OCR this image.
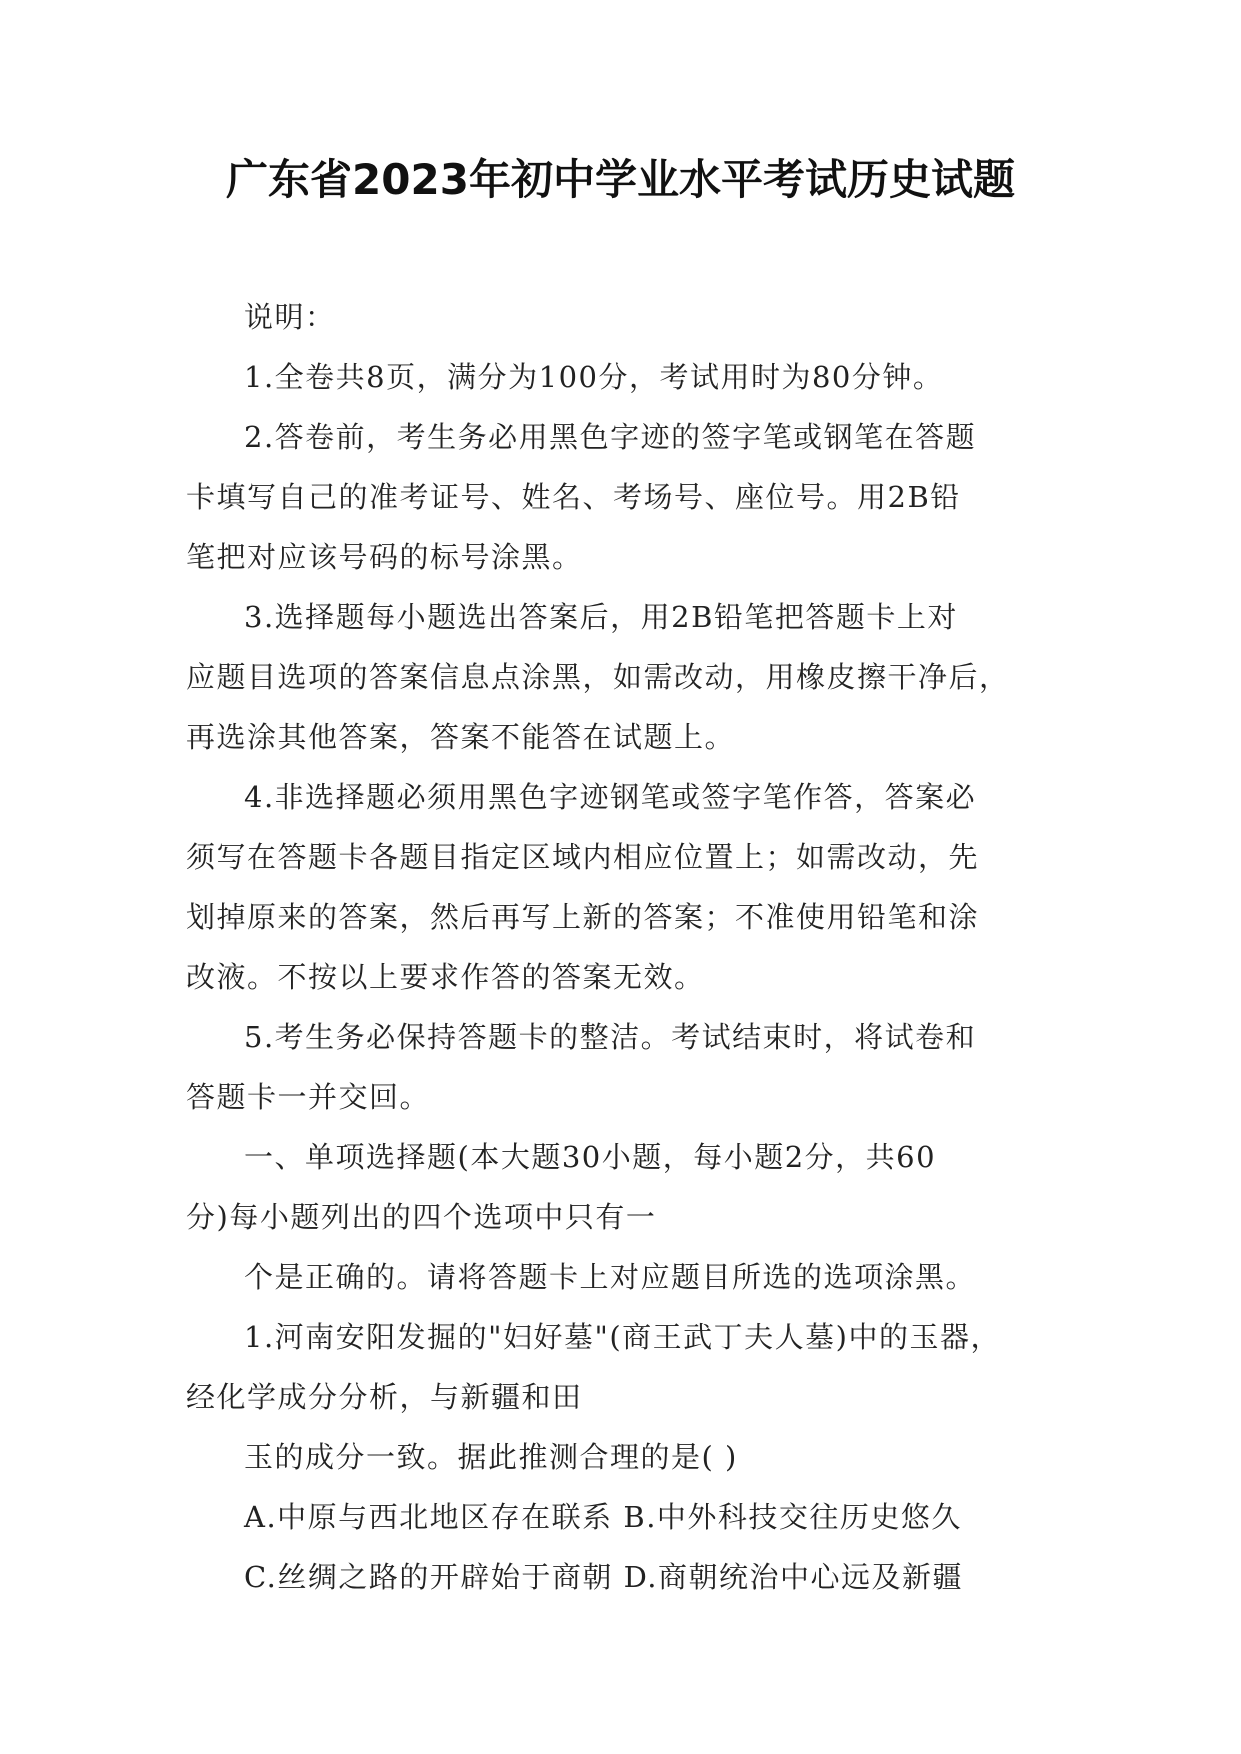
广东省2023年初中学业水平考试历史试题
说明：
1.全卷共8页，满分为100分，考试用时为80分钟。
2.答卷前，考生务必用黑色字迹的签字笔或钢笔在答题
卡填写自己的准考证号、姓名、考场号、座位号。用2B铅
笔把对应该号码的标号涂黑。
3.选择题每小题选出答案后，用2B铅笔把答题卡上对
应题目选项的答案信息点涂黑，如需改动，用橡皮擦干净后，
再选涂其他答案，答案不能答在试题上。
4.非选择题必须用黑色字迹钢笔或签字笔作答，答案必
须写在答题卡各题目指定区域内相应位置上；如需改动，先
划掉原来的答案，然后再写上新的答案；不准使用铅笔和涂
改液。不按以上要求作答的答案无效。
5.考生务必保持答题卡的整洁。考试结束时，将试卷和
答题卡一并交回。
一、单项选择题(本大题30小题，每小题2分，共60
分)每小题列出的四个选项中只有一
个是正确的。请将答题卡上对应题目所选的选项涂黑。
1.河南安阳发掘的"妇好墓"(商王武丁夫人墓)中的玉器，
经化学成分分析，与新疆和田
玉的成分一致。据此推测合理的是( )
A.中原与西北地区存在联系 B.中外科技交往历史悠久
C.丝绸之路的开辟始于商朝 D.商朝统治中心远及新疆
